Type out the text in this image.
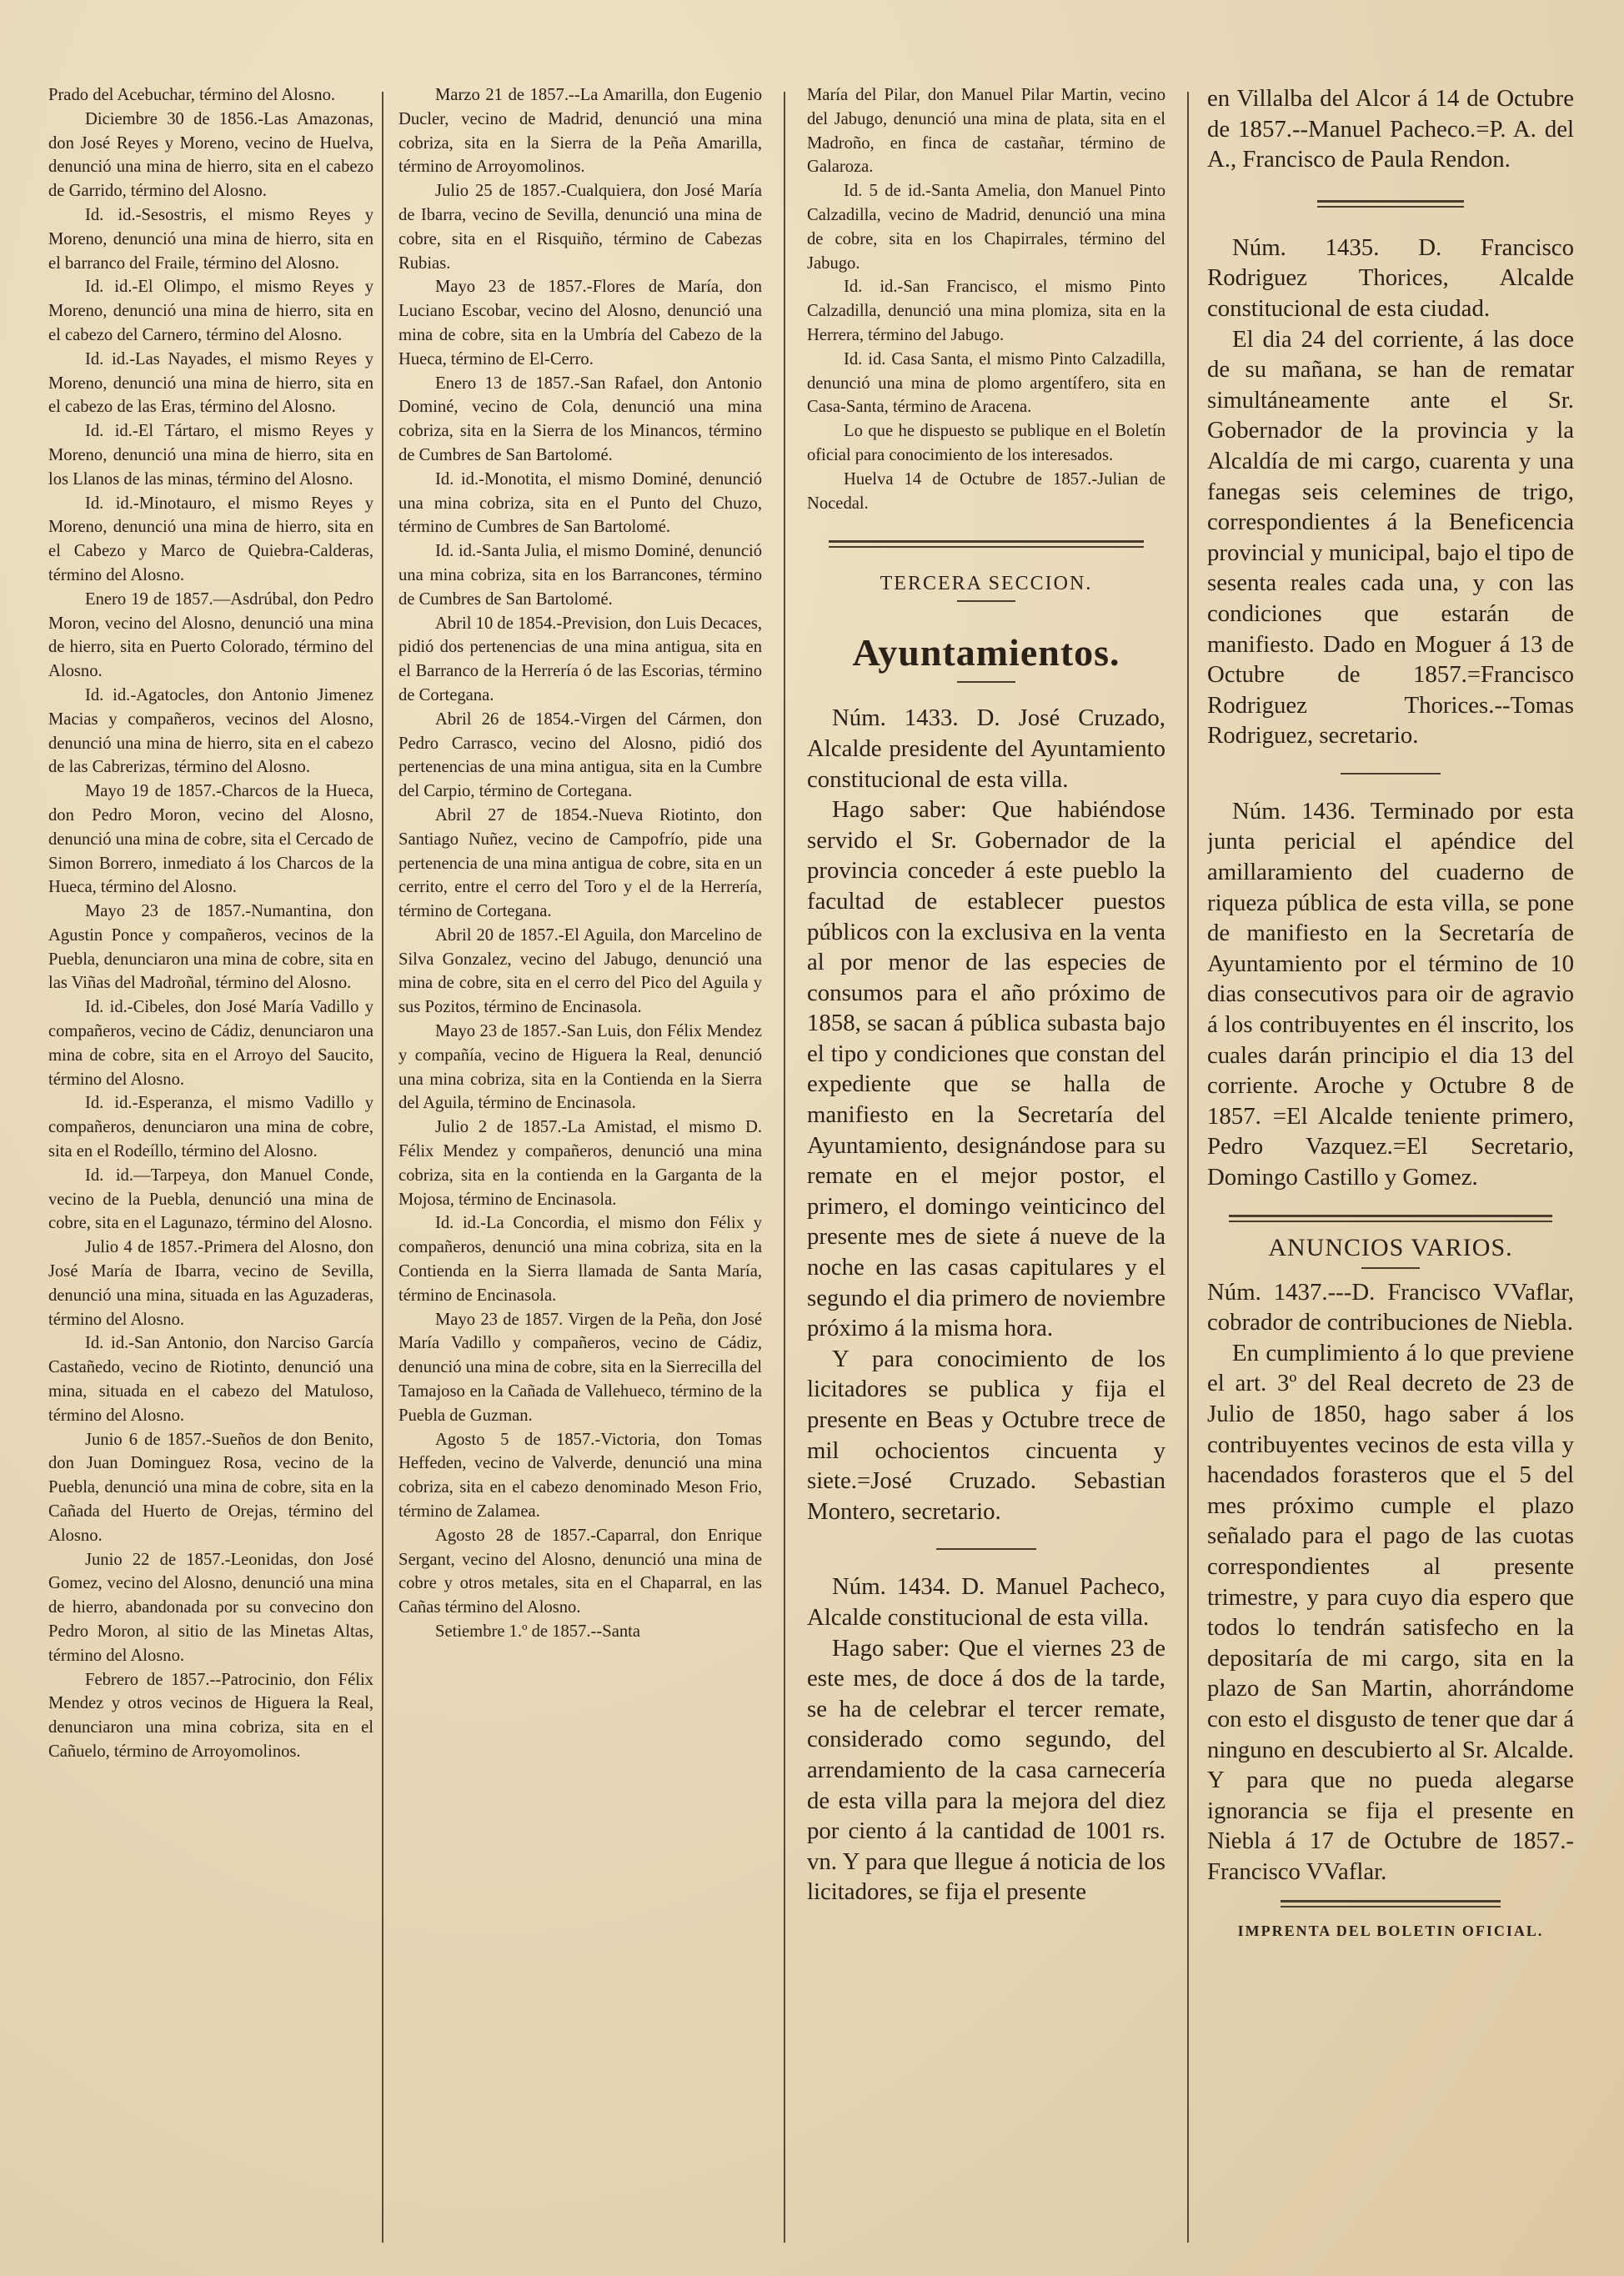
Prado del Acebuchar, término del Alosno.

Diciembre 30 de 1856.-Las Amazonas, don José Reyes y Moreno, vecino de Huelva, denunció una mina de hierro, sita en el cabezo de Garrido, término del Alosno.

Id. id.-Sesostris, el mismo Reyes y Moreno, denunció una mina de hierro, sita en el barranco del Fraile, término del Alosno.

Id. id.-El Olimpo, el mismo Reyes y Moreno, denunció una mina de hierro, sita en el cabezo del Carnero, término del Alosno.

Id. id.-Las Nayades, el mismo Reyes y Moreno, denunció una mina de hierro, sita en el cabezo de las Eras, término del Alosno.

Id. id.-El Tártaro, el mismo Reyes y Moreno, denunció una mina de hierro, sita en los Llanos de las minas, término del Alosno.

Id. id.-Minotauro, el mismo Reyes y Moreno, denunció una mina de hierro, sita en el Cabezo y Marco de Quiebra-Calderas, término del Alosno.

Enero 19 de 1857.—Asdrúbal, don Pedro Moron, vecino del Alosno, denunció una mina de hierro, sita en Puerto Colorado, término del Alosno.

Id. id.-Agatocles, don Antonio Jimenez Macias y compañeros, vecinos del Alosno, denunció una mina de hierro, sita en el cabezo de las Cabrerizas, término del Alosno.

Mayo 19 de 1857.-Charcos de la Hueca, don Pedro Moron, vecino del Alosno, denunció una mina de cobre, sita el Cercado de Simon Borrero, inmediato á los Charcos de la Hueca, término del Alosno.

Mayo 23 de 1857.-Numantina, don Agustin Ponce y compañeros, vecinos de la Puebla, denunciaron una mina de cobre, sita en las Viñas del Madroñal, término del Alosno.

Id. id.-Cibeles, don José María Vadillo y compañeros, vecino de Cádiz, denunciaron una mina de cobre, sita en el Arroyo del Saucito, término del Alosno.

Id. id.-Esperanza, el mismo Vadillo y compañeros, denunciaron una mina de cobre, sita en el Rodeíllo, término del Alosno.

Id. id.—Tarpeya, don Manuel Conde, vecino de la Puebla, denunció una mina de cobre, sita en el Lagunazo, término del Alosno.

Julio 4 de 1857.-Primera del Alosno, don José María de Ibarra, vecino de Sevilla, denunció una mina, situada en las Aguzaderas, término del Alosno.

Id. id.-San Antonio, don Narciso García Castañedo, vecino de Riotinto, denunció una mina, situada en el cabezo del Matuloso, término del Alosno.

Junio 6 de 1857.-Sueños de don Benito, don Juan Dominguez Rosa, vecino de la Puebla, denunció una mina de cobre, sita en la Cañada del Huerto de Orejas, término del Alosno.

Junio 22 de 1857.-Leonidas, don José Gomez, vecino del Alosno, denunció una mina de hierro, abandonada por su convecino don Pedro Moron, al sitio de las Minetas Altas, término del Alosno.

Febrero de 1857.--Patrocinio, don Félix Mendez y otros vecinos de Higuera la Real, denunciaron una mina cobriza, sita en el Cañuelo, término de Arroyomolinos.

Marzo 21 de 1857.--La Amarilla, don Eugenio Ducler, vecino de Madrid, denunció una mina cobriza, sita en la Sierra de la Peña Amarilla, término de Arroyomolinos.

Julio 25 de 1857.-Cualquiera, don José María de Ibarra, vecino de Sevilla, denunció una mina de cobre, sita en el Risquiño, término de Cabezas Rubias.

Mayo 23 de 1857.-Flores de María, don Luciano Escobar, vecino del Alosno, denunció una mina de cobre, sita en la Umbría del Cabezo de la Hueca, término de El-Cerro.

Enero 13 de 1857.-San Rafael, don Antonio Dominé, vecino de Cola, denunció una mina cobriza, sita en la Sierra de los Minancos, término de Cumbres de San Bartolomé.

Id. id.-Monotita, el mismo Dominé, denunció una mina cobriza, sita en el Punto del Chuzo, término de Cumbres de San Bartolomé.

Id. id.-Santa Julia, el mismo Dominé, denunció una mina cobriza, sita en los Barrancones, término de Cumbres de San Bartolomé.

Abril 10 de 1854.-Prevision, don Luis Decaces, pidió dos pertenencias de una mina antigua, sita en el Barranco de la Herrería ó de las Escorias, término de Cortegana.

Abril 26 de 1854.-Virgen del Cármen, don Pedro Carrasco, vecino del Alosno, pidió dos pertenencias de una mina antigua, sita en la Cumbre del Carpio, término de Cortegana.

Abril 27 de 1854.-Nueva Riotinto, don Santiago Nuñez, vecino de Campofrío, pide una pertenencia de una mina antigua de cobre, sita en un cerrito, entre el cerro del Toro y el de la Herrería, término de Cortegana.

Abril 20 de 1857.-El Aguila, don Marcelino de Silva Gonzalez, vecino del Jabugo, denunció una mina de cobre, sita en el cerro del Pico del Aguila y sus Pozitos, término de Encinasola.

Mayo 23 de 1857.-San Luis, don Félix Mendez y compañía, vecino de Higuera la Real, denunció una mina cobriza, sita en la Contienda en la Sierra del Aguila, término de Encinasola.

Julio 2 de 1857.-La Amistad, el mismo D. Félix Mendez y compañeros, denunció una mina cobriza, sita en la contienda en la Garganta de la Mojosa, término de Encinasola.

Id. id.-La Concordia, el mismo don Félix y compañeros, denunció una mina cobriza, sita en la Contienda en la Sierra llamada de Santa María, término de Encinasola.

Mayo 23 de 1857. Virgen de la Peña, don José María Vadillo y compañeros, vecino de Cádiz, denunció una mina de cobre, sita en la Sierrecilla del Tamajoso en la Cañada de Vallehueco, término de la Puebla de Guzman.

Agosto 5 de 1857.-Victoria, don Tomas Heffeden, vecino de Valverde, denunció una mina cobriza, sita en el cabezo denominado Meson Frio, término de Zalamea.

Agosto 28 de 1857.-Caparral, don Enrique Sergant, vecino del Alosno, denunció una mina de cobre y otros metales, sita en el Chaparral, en las Cañas término del Alosno.

Setiembre 1.º de 1857.--Santa

María del Pilar, don Manuel Pilar Martin, vecino del Jabugo, denunció una mina de plata, sita en el Madroño, en finca de castañar, término de Galaroza.

Id. 5 de id.-Santa Amelia, don Manuel Pinto Calzadilla, vecino de Madrid, denunció una mina de cobre, sita en los Chapirrales, término del Jabugo.

Id. id.-San Francisco, el mismo Pinto Calzadilla, denunció una mina plomiza, sita en la Herrera, término del Jabugo.

Id. id. Casa Santa, el mismo Pinto Calzadilla, denunció una mina de plomo argentífero, sita en Casa-Santa, término de Aracena.

Lo que he dispuesto se publique en el Boletín oficial para conocimiento de los interesados.

Huelva 14 de Octubre de 1857.-Julian de Nocedal.

TERCERA SECCION.
Ayuntamientos.

Núm. 1433. D. José Cruzado, Alcalde presidente del Ayuntamiento constitucional de esta villa.

Hago saber: Que habiéndose servido el Sr. Gobernador de la provincia conceder á este pueblo la facultad de establecer puestos públicos con la exclusiva en la venta al por menor de las especies de consumos para el año próximo de 1858, se sacan á pública subasta bajo el tipo y condiciones que constan del expediente que se halla de manifiesto en la Secretaría del Ayuntamiento, designándose para su remate en el mejor postor, el primero, el domingo veinticinco del presente mes de siete á nueve de la noche en las casas capitulares y el segundo el dia primero de noviembre próximo á la misma hora.

Y para conocimiento de los licitadores se publica y fija el presente en Beas y Octubre trece de mil ochocientos cincuenta y siete.=José Cruzado. Sebastian Montero, secretario.

Núm. 1434. D. Manuel Pacheco, Alcalde constitucional de esta villa.

Hago saber: Que el viernes 23 de este mes, de doce á dos de la tarde, se ha de celebrar el tercer remate, considerado como segundo, del arrendamiento de la casa carnecería de esta villa para la mejora del diez por ciento á la cantidad de 1001 rs. vn. Y para que llegue á noticia de los licitadores, se fija el presente

en Villalba del Alcor á 14 de Octubre de 1857.--Manuel Pacheco.=P. A. del A., Francisco de Paula Rendon.

Núm. 1435. D. Francisco Rodriguez Thorices, Alcalde constitucional de esta ciudad.

El dia 24 del corriente, á las doce de su mañana, se han de rematar simultáneamente ante el Sr. Gobernador de la provincia y la Alcaldía de mi cargo, cuarenta y una fanegas seis celemines de trigo, correspondientes á la Beneficencia provincial y municipal, bajo el tipo de sesenta reales cada una, y con las condiciones que estarán de manifiesto. Dado en Moguer á 13 de Octubre de 1857.=Francisco Rodriguez Thorices.--Tomas Rodriguez, secretario.

Núm. 1436. Terminado por esta junta pericial el apéndice del amillaramiento del cuaderno de riqueza pública de esta villa, se pone de manifiesto en la Secretaría de Ayuntamiento por el término de 10 dias consecutivos para oir de agravio á los contribuyentes en él inscrito, los cuales darán principio el dia 13 del corriente. Aroche y Octubre 8 de 1857. =El Alcalde teniente primero, Pedro Vazquez.=El Secretario, Domingo Castillo y Gomez.

ANUNCIOS VARIOS.

Núm. 1437.---D. Francisco VVaflar, cobrador de contribuciones de Niebla.

En cumplimiento á lo que previene el art. 3º del Real decreto de 23 de Julio de 1850, hago saber á los contribuyentes vecinos de esta villa y hacendados forasteros que el 5 del mes próximo cumple el plazo señalado para el pago de las cuotas correspondientes al presente trimestre, y para cuyo dia espero que todos lo tendrán satisfecho en la depositaría de mi cargo, sita en la plazo de San Martin, ahorrándome con esto el disgusto de tener que dar á ninguno en descubierto al Sr. Alcalde. Y para que no pueda alegarse ignorancia se fija el presente en Niebla á 17 de Octubre de 1857.-Francisco VVaflar.

IMPRENTA DEL BOLETIN OFICIAL.
